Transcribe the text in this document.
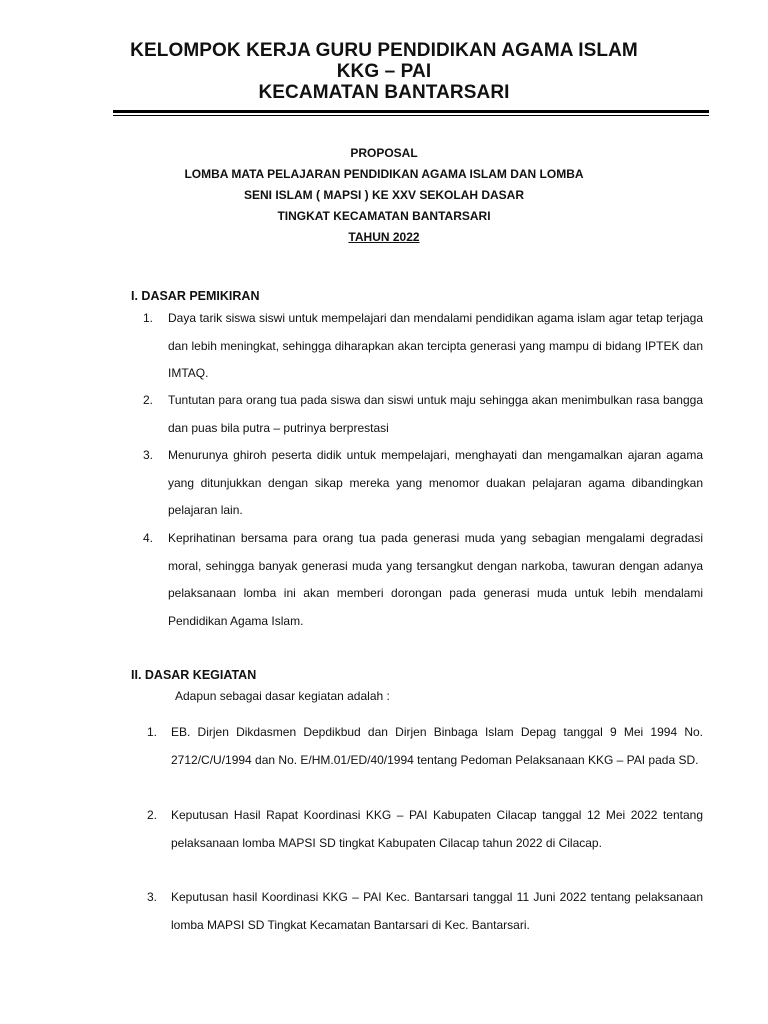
KELOMPOK KERJA GURU PENDIDIKAN AGAMA ISLAM
KKG – PAI
KECAMATAN BANTARSARI
PROPOSAL
LOMBA MATA PELAJARAN PENDIDIKAN AGAMA ISLAM DAN LOMBA
SENI ISLAM ( MAPSI ) KE XXV SEKOLAH DASAR
TINGKAT KECAMATAN BANTARSARI
TAHUN 2022
I. DASAR PEMIKIRAN
1. Daya tarik siswa siswi untuk mempelajari dan mendalami pendidikan agama islam agar tetap terjaga dan lebih meningkat, sehingga diharapkan akan tercipta generasi yang mampu di bidang IPTEK dan IMTAQ.
2. Tuntutan para orang tua pada siswa dan siswi untuk maju sehingga akan menimbulkan rasa bangga dan puas bila putra – putrinya berprestasi
3. Menurunya ghiroh peserta didik untuk mempelajari, menghayati dan mengamalkan ajaran agama yang ditunjukkan dengan sikap mereka yang menomor duakan pelajaran agama dibandingkan pelajaran lain.
4. Keprihatinan bersama para orang tua pada generasi muda yang sebagian mengalami degradasi moral, sehingga banyak generasi muda yang tersangkut dengan narkoba, tawuran dengan adanya pelaksanaan lomba ini akan memberi dorongan pada generasi muda untuk lebih mendalami Pendidikan Agama Islam.
II. DASAR KEGIATAN
Adapun sebagai dasar kegiatan adalah :
1. EB. Dirjen Dikdasmen Depdikbud dan Dirjen Binbaga Islam Depag tanggal 9 Mei 1994 No. 2712/C/U/1994 dan No. E/HM.01/ED/40/1994 tentang Pedoman Pelaksanaan KKG – PAI pada SD.
2. Keputusan Hasil Rapat Koordinasi KKG – PAI Kabupaten Cilacap tanggal 12 Mei 2022 tentang pelaksanaan lomba MAPSI SD tingkat Kabupaten Cilacap tahun 2022 di Cilacap.
3. Keputusan hasil Koordinasi KKG – PAI Kec. Bantarsari tanggal 11 Juni 2022 tentang pelaksanaan lomba MAPSI SD Tingkat Kecamatan Bantarsari di Kec. Bantarsari.
